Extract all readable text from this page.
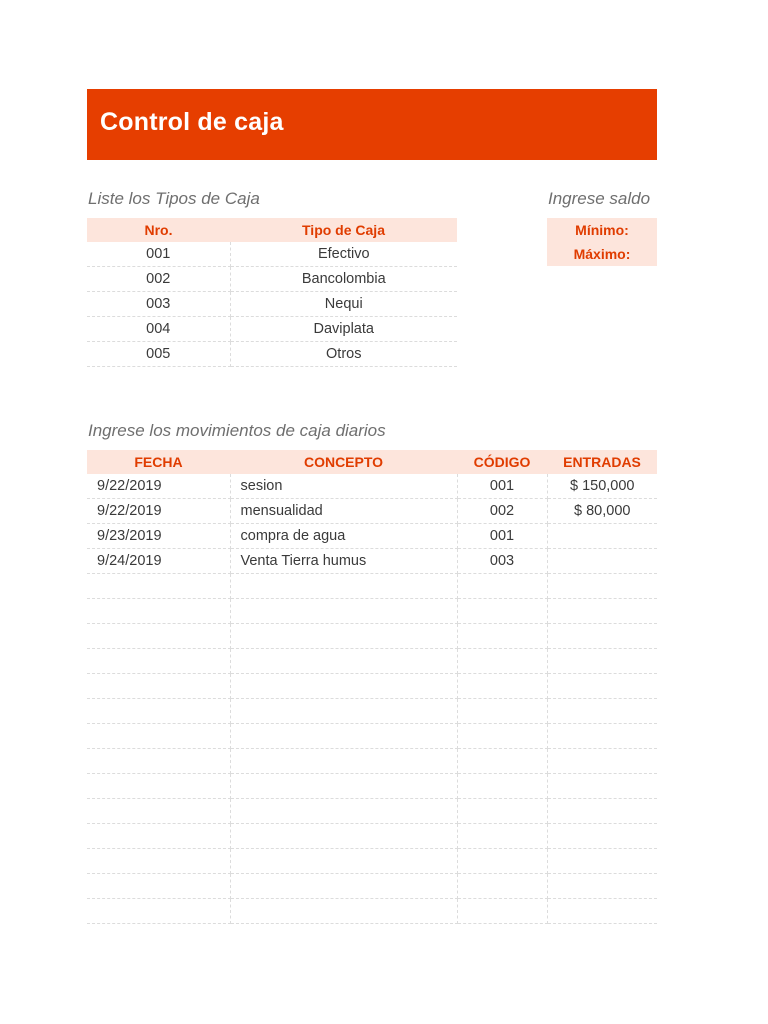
Control de caja
Liste los Tipos de Caja
Nro.	Tipo de Caja
001	Efectivo
002	Bancolombia
003	Nequi
004	Daviplata
005	Otros
Ingrese saldo
Mínimo:
Máximo:
Ingrese los movimientos de caja diarios
FECHA	CONCEPTO	CÓDIGO	ENTRADAS
9/22/2019	sesion	001	$ 150,000
9/22/2019	mensualidad	002	$ 80,000
9/23/2019	compra de agua	001	
9/24/2019	Venta Tierra humus	003	
